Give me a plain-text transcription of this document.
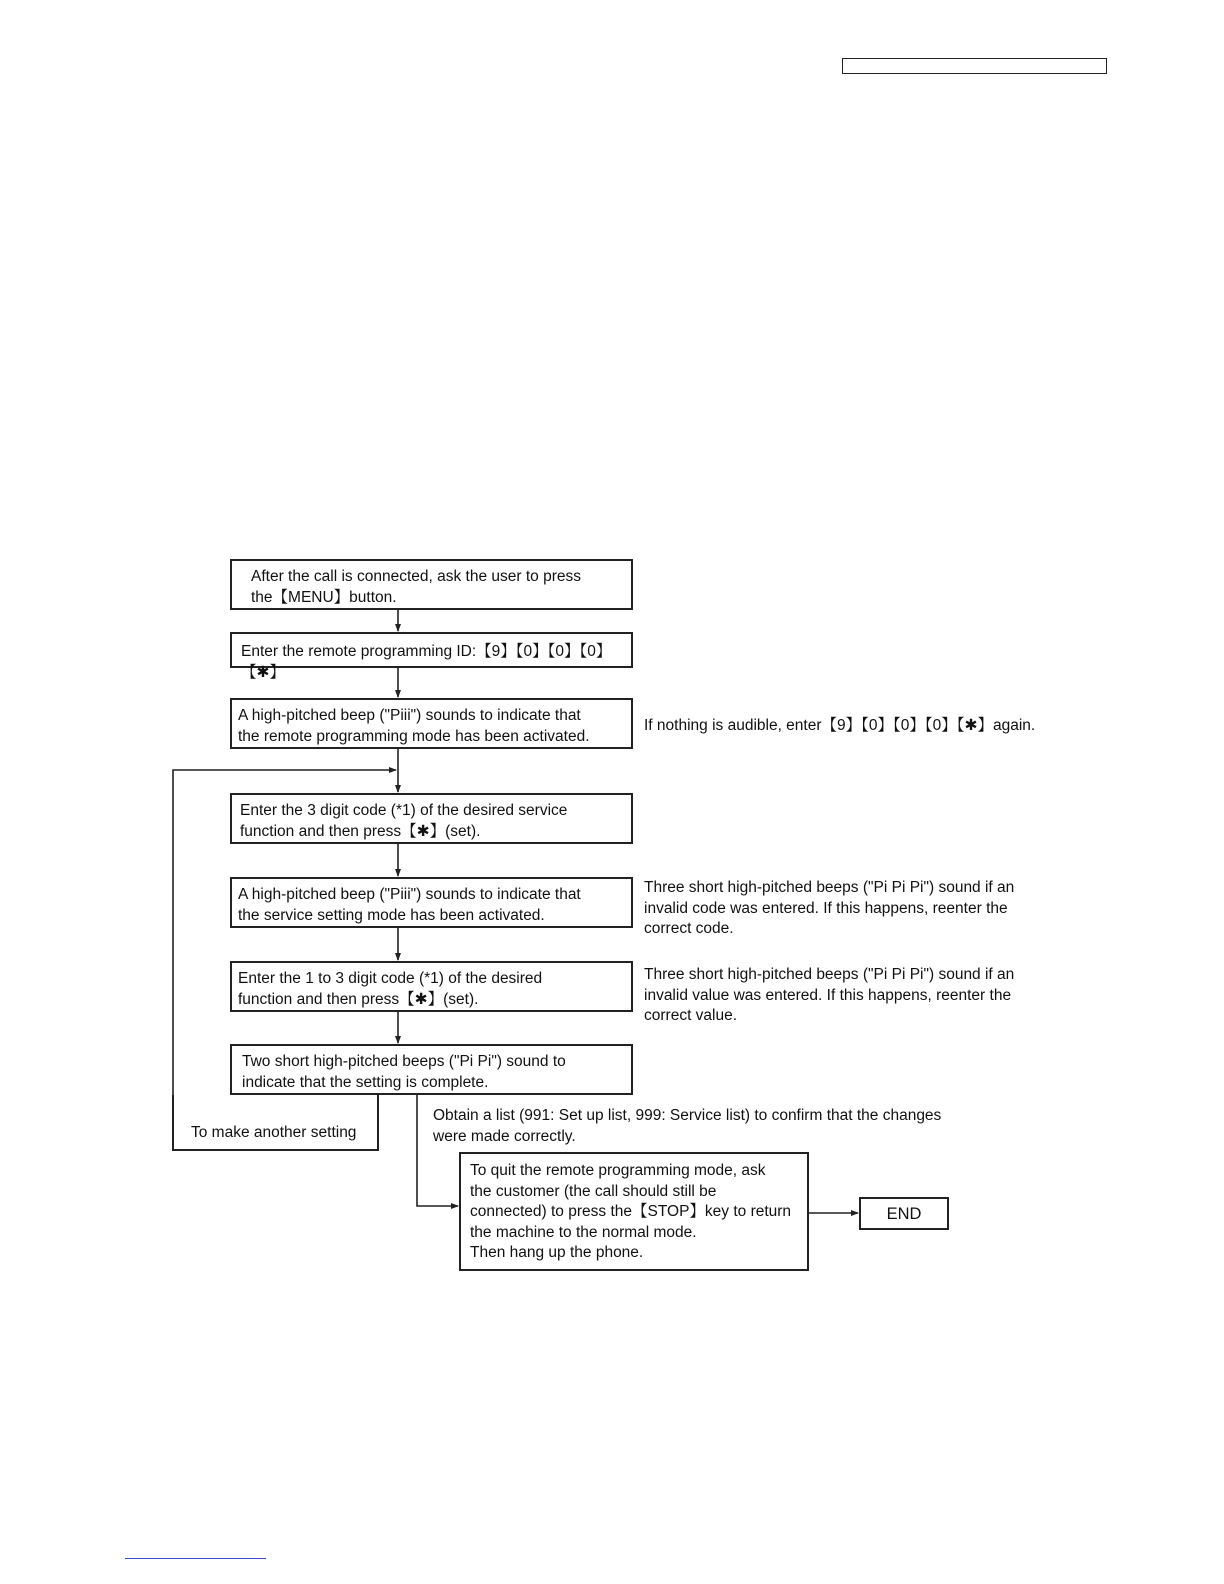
After the call is connected, ask the user to press
the【MENU】button.
Enter the remote programming ID:【9】【0】【0】【0】【✱】
A high-pitched beep ("Piii") sounds to indicate that
the remote programming mode has been activated.
Enter the 3 digit code (*1) of the desired service
function and then press【✱】(set).
A high-pitched beep ("Piii") sounds to indicate that
the service setting mode has been activated.
Enter the 1 to 3 digit code (*1) of the desired
function and then press【✱】(set).
Two short high-pitched beeps ("Pi Pi") sound to
indicate that the setting is complete.
To make another setting
To quit the remote programming mode, ask
the customer (the call should still be
connected) to press the【STOP】key to return
the machine to the normal mode.
Then hang up the phone.
END
If nothing is audible, enter【9】【0】【0】【0】【✱】again.
Three short high-pitched beeps ("Pi Pi Pi") sound if an
invalid code was entered. If this happens, reenter the
correct code.
Three short high-pitched beeps ("Pi Pi Pi") sound if an
invalid value was entered. If this happens, reenter the
correct value.
Obtain a list (991: Set up list, 999: Service list) to confirm that the changes
were made correctly.
